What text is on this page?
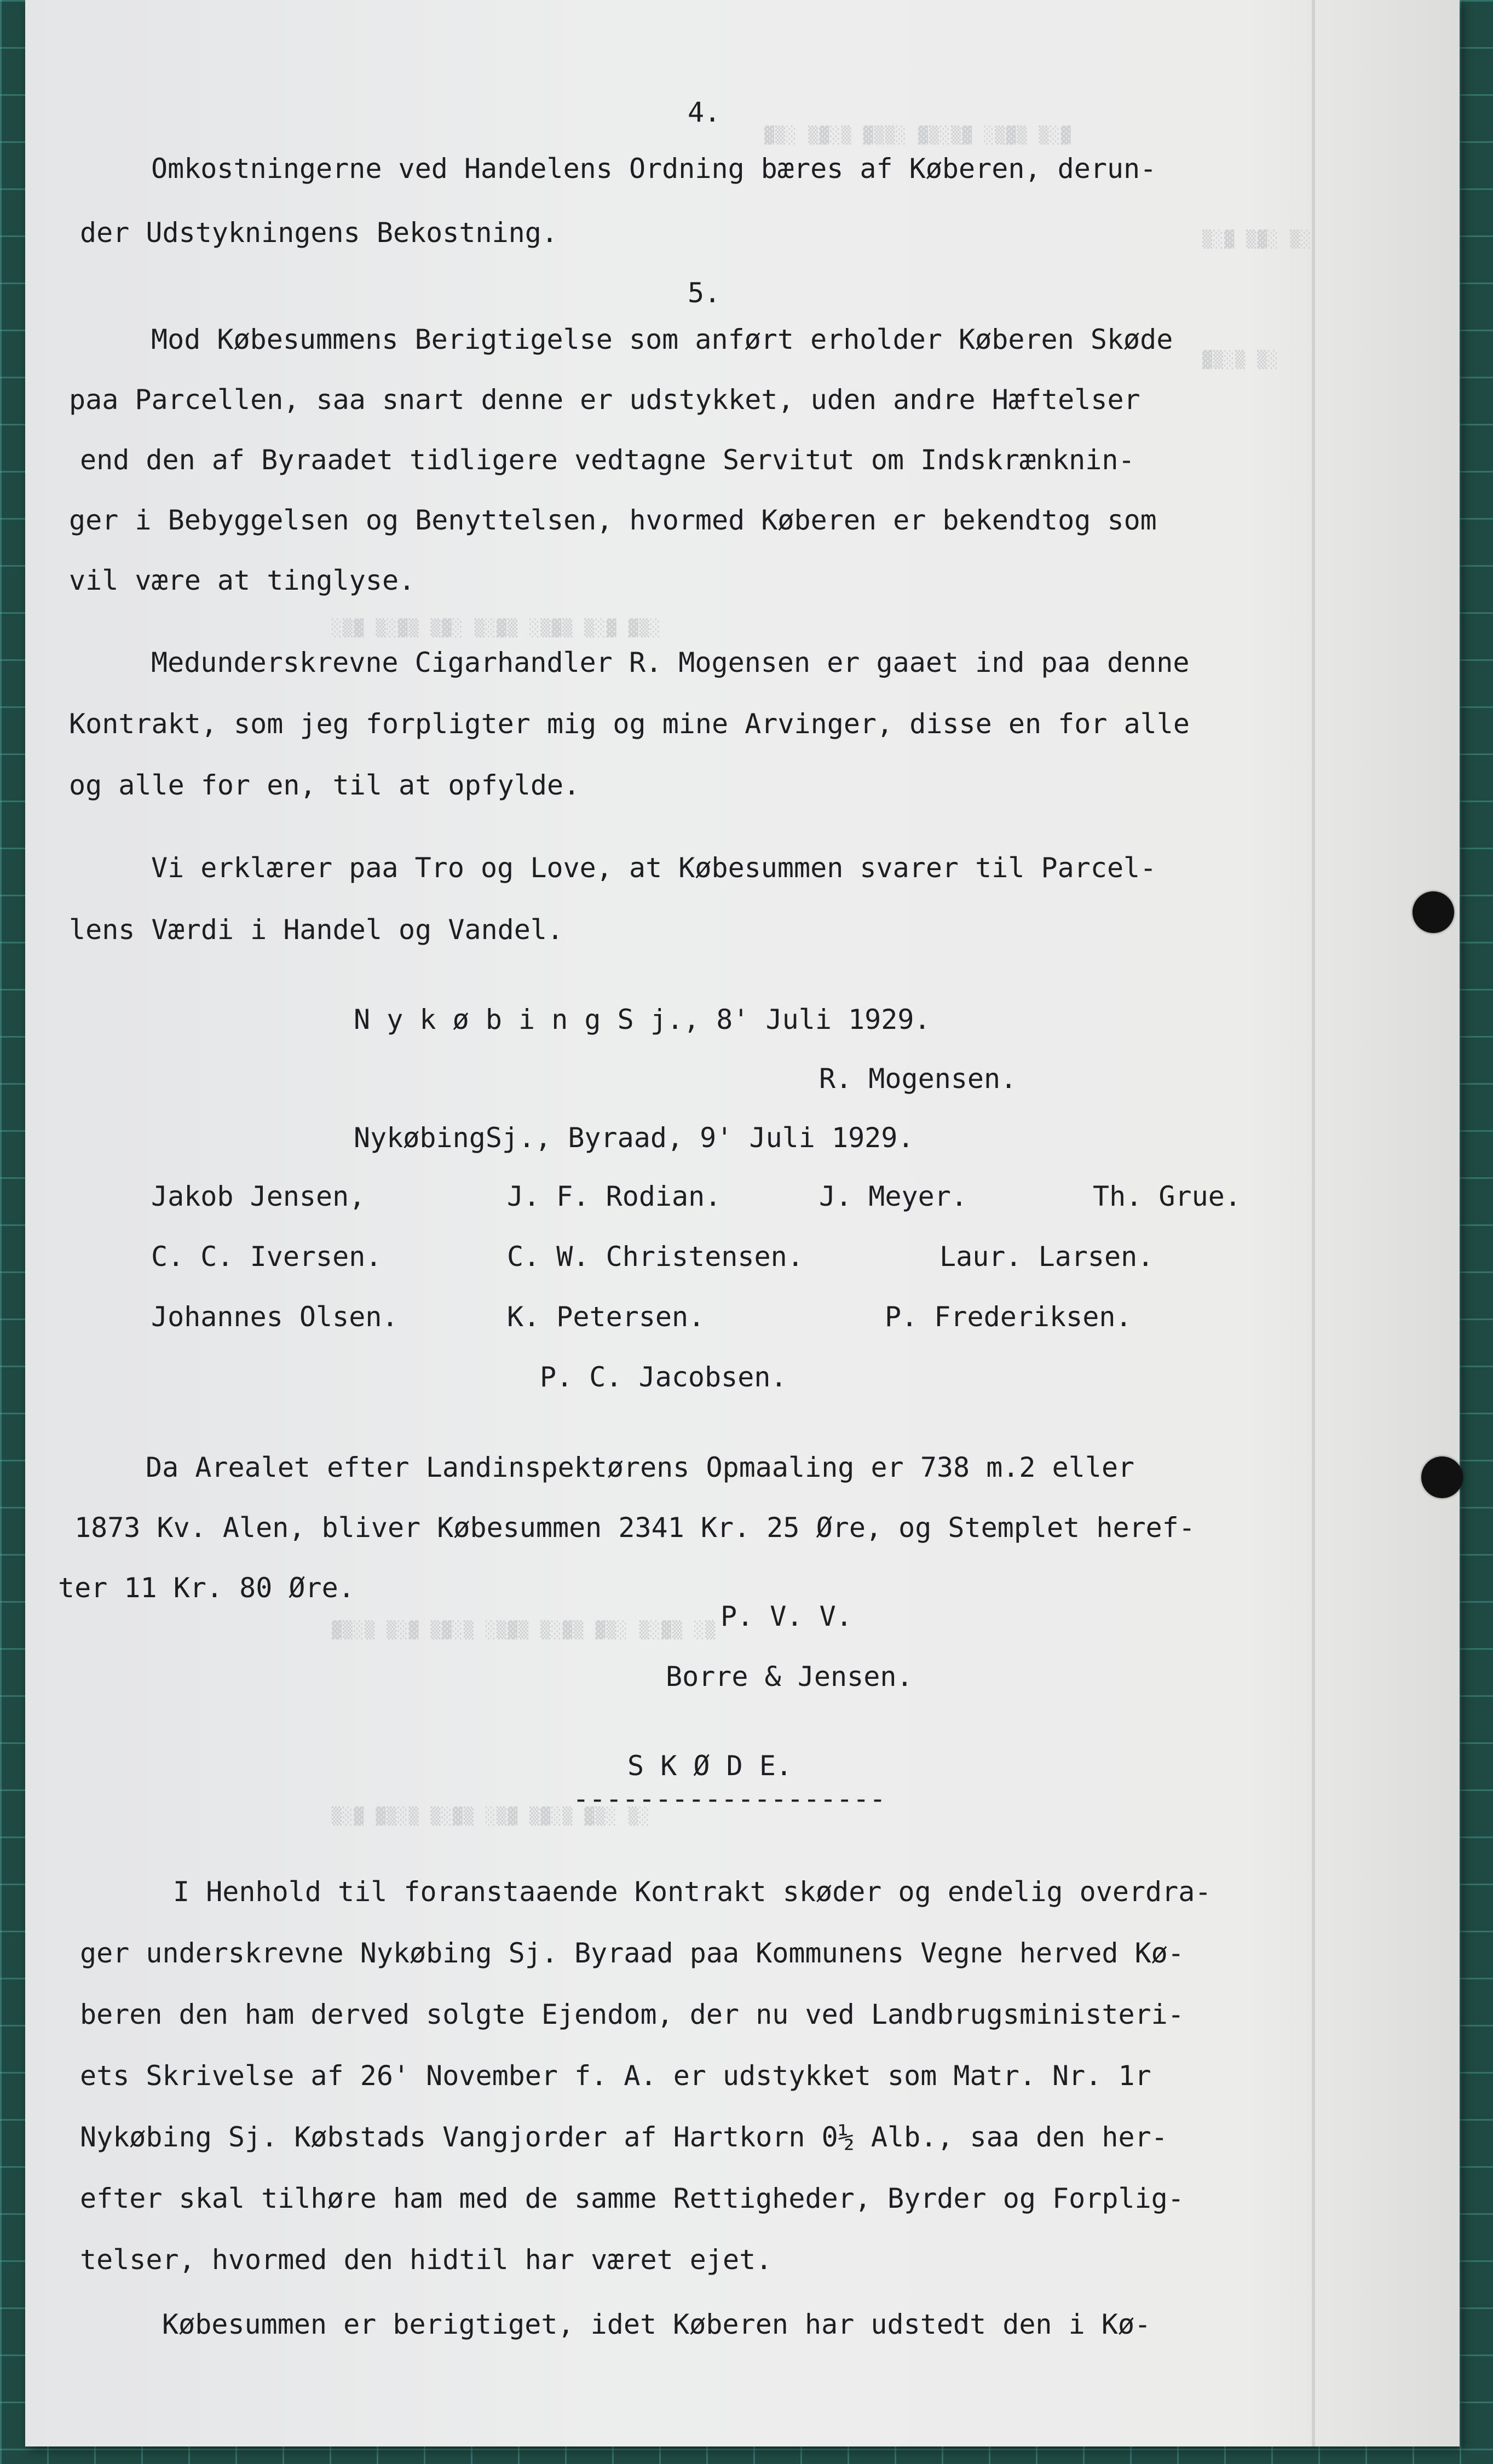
▓▒░ ▒▓░▒ ▓▒▒░ ▓▒░▒▓ ░▒▓▒ ▒░▓
▒░▓ ▒▓░ ▒░
▓▒░▒ ▒░
░▒▓ ▒░▓▒ ▒▓░ ▒░▓▒ ░▒▓▒ ▒░▓ ▓▒░
▓▒░▒ ▒░▓ ▒▓░▒ ░▒▓▒ ▒░▓▒ ▓▒░ ▒░▓▒ ░▒
▒░▓ ▓▒░▒ ▒░▓▒ ░▒▓ ▒▓░▒ ▓▒░ ▒░
4.
Omkostningerne ved Handelens Ordning bæres af Køberen, derun-
der Udstykningens Bekostning.
5.
Mod Købesummens Berigtigelse som anført erholder Køberen Skøde
paa Parcellen, saa snart denne er udstykket, uden andre Hæftelser
end den af Byraadet tidligere vedtagne Servitut om Indskrænknin-
ger i Bebyggelsen og Benyttelsen, hvormed Køberen er bekendtog som
vil være at tinglyse.
Medunderskrevne Cigarhandler R. Mogensen er gaaet ind paa denne
Kontrakt, som jeg forpligter mig og mine Arvinger, disse en for alle
og alle for en, til at opfylde.
Vi erklærer paa Tro og Love, at Købesummen svarer til Parcel-
lens Værdi i Handel og Vandel.
N y k ø b i n g S j., 8' Juli 1929.
R. Mogensen.
NykøbingSj., Byraad, 9' Juli 1929.
Jakob Jensen,	J. F. Rodian.	J. Meyer.	Th. Grue.
C. C. Iversen.	C. W. Christensen.	Laur. Larsen.
Johannes Olsen.	K. Petersen.	P. Frederiksen.
P. C. Jacobsen.
Da Arealet efter Landinspektørens Opmaaling er 738 m.2 eller
1873 Kv. Alen, bliver Købesummen 2341 Kr. 25 Øre, og Stemplet heref-
ter 11 Kr. 80 Øre.
P. V. V.
Borre & Jensen.
S K Ø D E.
-------------------
I Henhold til foranstaaende Kontrakt skøder og endelig overdra-
ger underskrevne Nykøbing Sj. Byraad paa Kommunens Vegne herved Kø-
beren den ham derved solgte Ejendom, der nu ved Landbrugsministeri-
ets Skrivelse af 26' November f. A. er udstykket som Matr. Nr. 1r
Nykøbing Sj. Købstads Vangjorder af Hartkorn 0½ Alb., saa den her-
efter skal tilhøre ham med de samme Rettigheder, Byrder og Forplig-
telser, hvormed den hidtil har været ejet.
Købesummen er berigtiget, idet Køberen har udstedt den i Kø-
